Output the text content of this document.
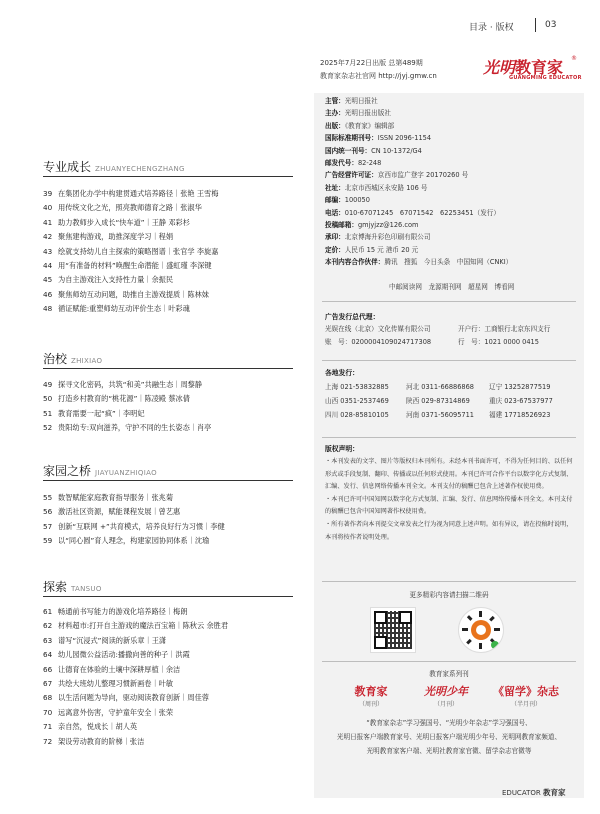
目录 · 版权	03
2025年7月22日出版 总第489期
教育家杂志社官网 http://jyj.gmw.cn	光明教育家 ®
GUANGMING EDUCATOR
专业成长 ZHUANYECHENGZHANG
39 在集团化办学中构建贯通式培养路径｜张艳 王雪梅
40 用传统文化之光，照亮教师德育之路｜张淑华
41 助力教师步入成长“快车道”｜王静 邓彩杉
42 聚焦建构游戏，助推深度学习｜程娟
43 绘就支持幼儿自主探索的策略图谱｜张官学 李旋嘉
44 用“有准备的材料”唤醒生命潜能｜盛虹瑾 李深键
45 为自主游戏注入支持性力量｜余振民
46 聚焦师幼互动问题，助推自主游戏提质｜陈林妹
48 循证赋能:重塑师幼互动评价生态｜叶彩魂
治校 ZHIXIAO
49 探寻文化密码，共筑“和美”共融生态｜周黎静
50 打造乡村教育的“桃花源”｜陈凌殿 蔡冰倩
51 教育需要一起“疯”｜李明妃
52 贵阳幼专:双向滋养，守护不同的生长姿态｜肖亭
家园之桥 JIAYUANZHIQIAO
55 数智赋能家庭教育指导服务｜张兆菊
56 激活社区资源，赋能课程发展｜曾艺惠
57 创新“互联网 +”共育模式，培养良好行为习惯｜李健
59 以“同心圆”育人理念，构建家园协同体系｜沈瑜
探索 TANSUO
61 畅通前书写能力的游戏化培养路径｜梅朗
62 材料超市:打开自主游戏的魔法百宝箱｜陈秋云 余胜君
63 谱写“沉浸式”阅读的新乐章｜王潇
64 幼儿园微公益活动:播撒向善的种子｜洪霞
66 让德育在体验的土壤中深耕厚植｜余洁
67 共绘大班幼儿整理习惯新画卷｜叶敏
68 以生活问题为导向，驱动阅读教育创新｜周佳蓉
70 远离意外伤害，守护童年安全｜张荣
71 亲自然，悦成长｜胡人英
72 架设劳动教育的阶梯｜张洁
主管：光明日报社
主办：光明日报出版社
出版：《教育家》编辑部
国际标准期刊号：ISSN 2096-1154
国内统一刊号：CN 10-1372/G4
邮发代号：82-248
广告经营许可证：京西市监广登字 20170260 号
社址：北京市西城区永安路 106 号
邮编：100050
电话：010-67071245　67071542　62253451（发行）
投稿邮箱：gmjyjzz@126.com
承印：北京博海升彩色印刷有限公司
定价：人民币 15 元 港币 20 元
本刊内容合作伙伴：腾讯　搜狐　今日头条　中国知网（CNKI）
中邮阅读网　龙源期刊网　超星网　博看网
广告发行总代理：
光娱在线（北京）文化传媒有限公司	开户行：工商银行北京东四支行
账　号：0200004109024717308	行　号：1021 0000 0415
各地发行：
上海 021-53832885	河北 0311-66886868 辽宁 13252877519
山西 0351-2537469	陕西 029-87314869	重庆 023-67537977
四川 028-85810105	河南 0371-56095711 福建 17718526923
版权声明：
・本刊发表的文字、图片等版权归本刊所有。未经本刊书面许可，不得为任何目的、以任何形式或手段复制、翻印、传播或以任何形式使用。本刊已许可合作平台以数字化方式复制、汇编、发行、信息网络传播本刊全文。本刊支付的稿酬已包含上述著作权使用费。
・本刊已许可中国知网以数字化方式复制、汇编、发行、信息网络传播本刊全文。本刊支付的稿酬已包含中国知网著作权使用费。
・所有著作者向本刊提交文章发表之行为视为同意上述声明。如有异议，请在投稿时说明，本刊将按作者说明处理。
更多精彩内容请扫描二维码
教育家系列刊
教育家
（周刊）
光明少年
（月刊）
《留学》杂志
（半月刊）
“教育家杂志”学习强国号、“光明少年杂志”学习强国号、
光明日报客户端教育家号、光明日报客户端光明少年号、光明网教育家频道、
光明教育家客户端、光明社教育家官微、留学杂志官微等
EDUCATOR 教育家
